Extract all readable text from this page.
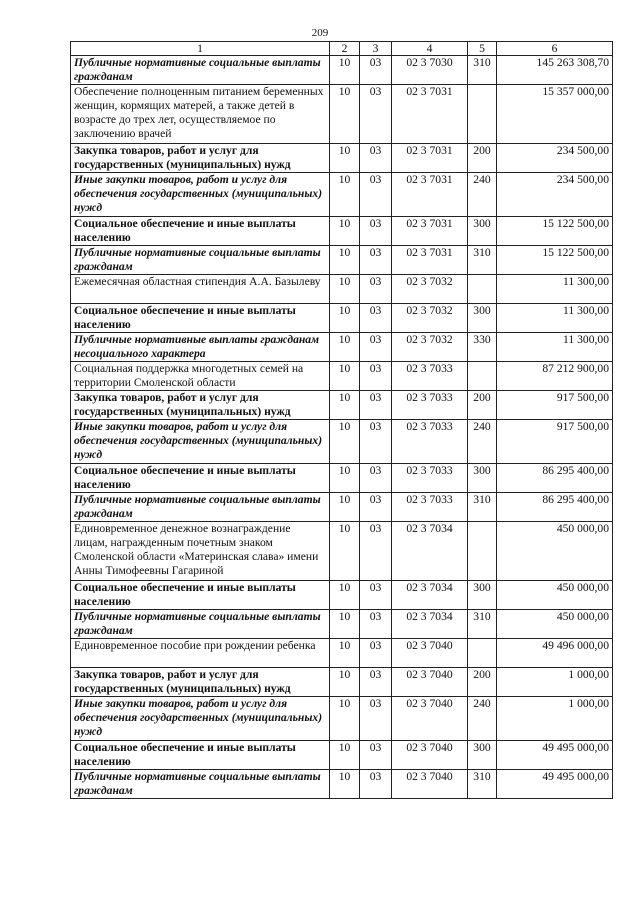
209
1	2	3	4	5	6
Публичные нормативные социальные выплаты гражданам	10	03	02 3 7030	310	145 263 308,70
Обеспечение полноценным питанием беременных женщин, кормящих матерей, а также детей в возрасте до трех лет, осуществляемое по заключению врачей	10	03	02 3 7031		15 357 000,00
Закупка товаров, работ и услуг для государственных (муниципальных) нужд	10	03	02 3 7031	200	234 500,00
Иные закупки товаров, работ и услуг для обеспечения государственных (муниципальных) нужд	10	03	02 3 7031	240	234 500,00
Социальное обеспечение и иные выплаты населению	10	03	02 3 7031	300	15 122 500,00
Публичные нормативные социальные выплаты гражданам	10	03	02 3 7031	310	15 122 500,00
Ежемесячная областная стипендия А.А. Базылеву	10	03	02 3 7032		11 300,00
Социальное обеспечение и иные выплаты населению	10	03	02 3 7032	300	11 300,00
Публичные нормативные выплаты гражданам несоциального характера	10	03	02 3 7032	330	11 300,00
Социальная поддержка многодетных семей на территории Смоленской области	10	03	02 3 7033		87 212 900,00
Закупка товаров, работ и услуг для государственных (муниципальных) нужд	10	03	02 3 7033	200	917 500,00
Иные закупки товаров, работ и услуг для обеспечения государственных (муниципальных) нужд	10	03	02 3 7033	240	917 500,00
Социальное обеспечение и иные выплаты населению	10	03	02 3 7033	300	86 295 400,00
Публичные нормативные социальные выплаты гражданам	10	03	02 3 7033	310	86 295 400,00
Единовременное денежное вознаграждение лицам, награжденным почетным знаком Смоленской области «Материнская слава» имени Анны Тимофеевны Гагариной	10	03	02 3 7034		450 000,00
Социальное обеспечение и иные выплаты населению	10	03	02 3 7034	300	450 000,00
Публичные нормативные социальные выплаты гражданам	10	03	02 3 7034	310	450 000,00
Единовременное пособие при рождении ребенка	10	03	02 3 7040		49 496 000,00
Закупка товаров, работ и услуг для государственных (муниципальных) нужд	10	03	02 3 7040	200	1 000,00
Иные закупки товаров, работ и услуг для обеспечения государственных (муниципальных) нужд	10	03	02 3 7040	240	1 000,00
Социальное обеспечение и иные выплаты населению	10	03	02 3 7040	300	49 495 000,00
Публичные нормативные социальные выплаты гражданам	10	03	02 3 7040	310	49 495 000,00
